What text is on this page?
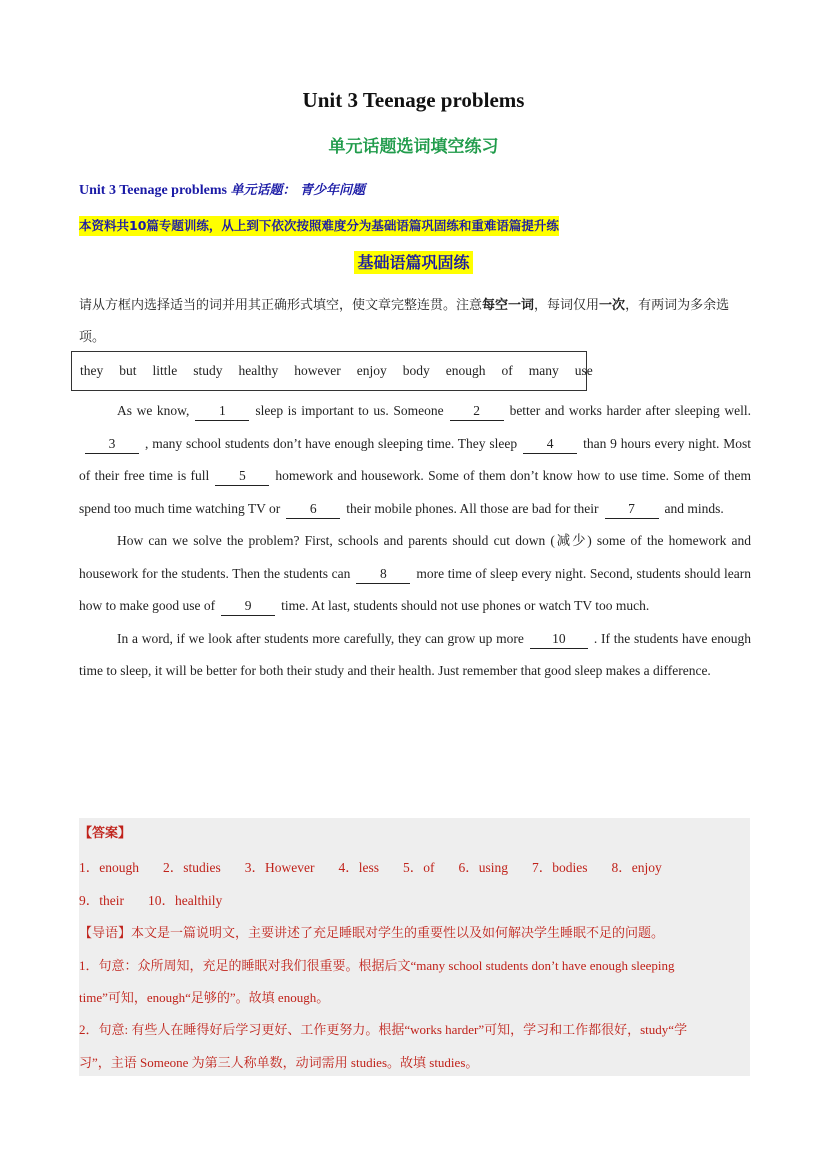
Unit 3 Teenage problems
单元话题选词填空练习
Unit 3 Teenage problems 单元话题： 青少年问题
本资料共10篇专题训练，从上到下依次按照难度分为基础语篇巩固练和重难语篇提升练
基础语篇巩固练
请从方框内选择适当的词并用其正确形式填空，使文章完整连贯。注意每空一词，每词仅用一次，有两词为多余选项。
they but little study healthy however enjoy body enough of many use

As we know, 1 sleep is important to us. Someone 2 better and works harder after sleeping well.3 , many school students don’t have enough sleeping time. They sleep 4 than 9 hours every night. Most of their free time is full 5 homework and housework. Some of them don’t know how to use time. Some of them spend too much time watching TV or 6 their mobile phones. All those are bad for their 7 and minds.

How can we solve the problem? First, schools and parents should cut down (减少) some of the homework and housework for the students. Then the students can 8 more time of sleep every night. Second, students should learn how to make good use of 9 time. At last, students should not use phones or watch TV too much.

In a word, if we look after students more carefully, they can grow up more 10 . If the students have enough time to sleep, it will be better for both their study and their health. Just remember that good sleep makes a difference.

【答案】
1．enough 2．studies 3．However 4．less 5．of 6．using 7．bodies 8．enjoy
9．their 10．healthily
【导语】本文是一篇说明文，主要讲述了充足睡眠对学生的重要性以及如何解决学生睡眠不足的问题。
1．句意：众所周知，充足的睡眠对我们很重要。根据后文“many school students don’t have enough sleeping
time”可知，enough“足够的”。故填 enough。
2．句意: 有些人在睡得好后学习更好、工作更努力。根据“works harder”可知，学习和工作都很好，study“学
习”，主语 Someone 为第三人称单数，动词需用 studies。故填 studies。
